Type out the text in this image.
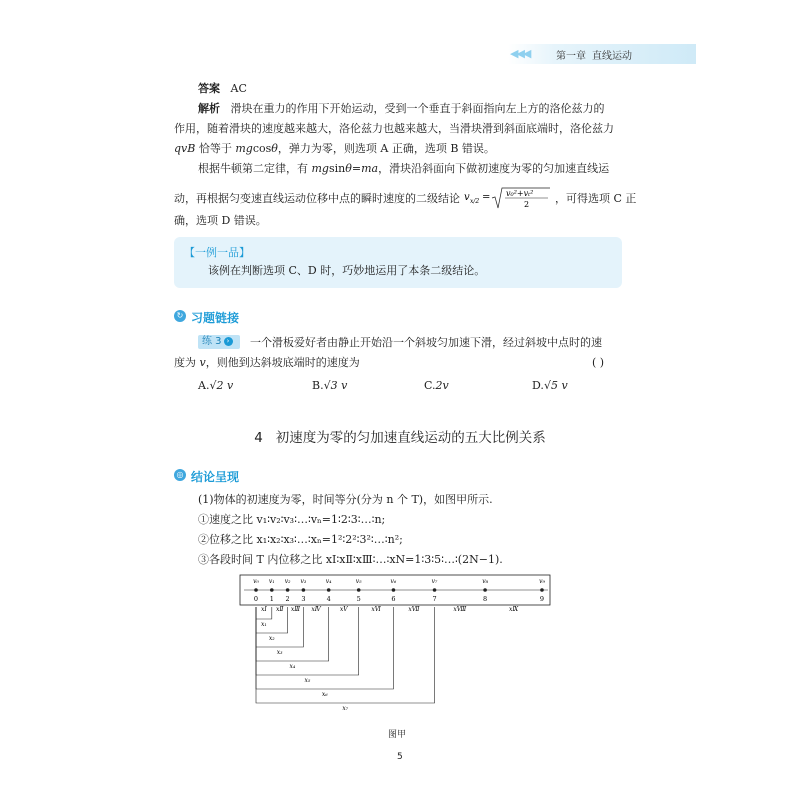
◀◀◀	第一章 直线运动
答案 AC
解析 滑块在重力的作用下开始运动，受到一个垂直于斜面指向左上方的洛伦兹力的
作用，随着滑块的速度越来越大，洛伦兹力也越来越大，当滑块滑到斜面底端时，洛伦兹力
qvB 恰等于 mgcosθ，弹力为零，则选项 A 正确，选项 B 错误。
根据牛顿第二定律，有 mgsinθ=ma，滑块沿斜面向下做初速度为零的匀加速直线运
动，再根据匀变速直线运动位移中点的瞬时速度的二级结论 v x/2 = v₀²+vₜ²
2 ，可得选项 C 正
确，选项 D 错误。
【一例一品】
该例在判断选项 C、D 时，巧妙地运用了本条二级结论。
↻ 习题链接
练 3 ›	一个滑板爱好者由静止开始沿一个斜坡匀加速下滑，经过斜坡中点时的速
度为 v，则他到达斜坡底端时的速度为	( )
A.√2 v	B.√3 v	C.2v	D.√5 v
4 初速度为零的匀加速直线运动的五大比例关系
◎ 结论呈现
(1)物体的初速度为零，时间等分(分为 n 个 T)，如图甲所示.
①速度之比 v₁∶v₂∶v₃∶…∶vₙ=1∶2∶3∶…∶n;
②位移之比 x₁∶x₂∶x₃∶…∶xₙ=1²∶2²∶3²∶…∶n²;
③各段时间 T 内位移之比 xⅠ∶xⅡ∶xⅢ∶…∶xN=1∶3∶5∶…∶(2N−1).
v₀
0
v₁
1
v₂
2
v₃
3
v₄
4
v₅
5
v₆
6
v₇
7
v₈
8
v₉
9
xⅠ xⅡ xⅢ xⅣ	xⅤ	xⅥ	xⅦ	xⅧ	xⅨ
x₁
x₂
x₃
x₄
x₅
x₆
x₇
图甲
5
